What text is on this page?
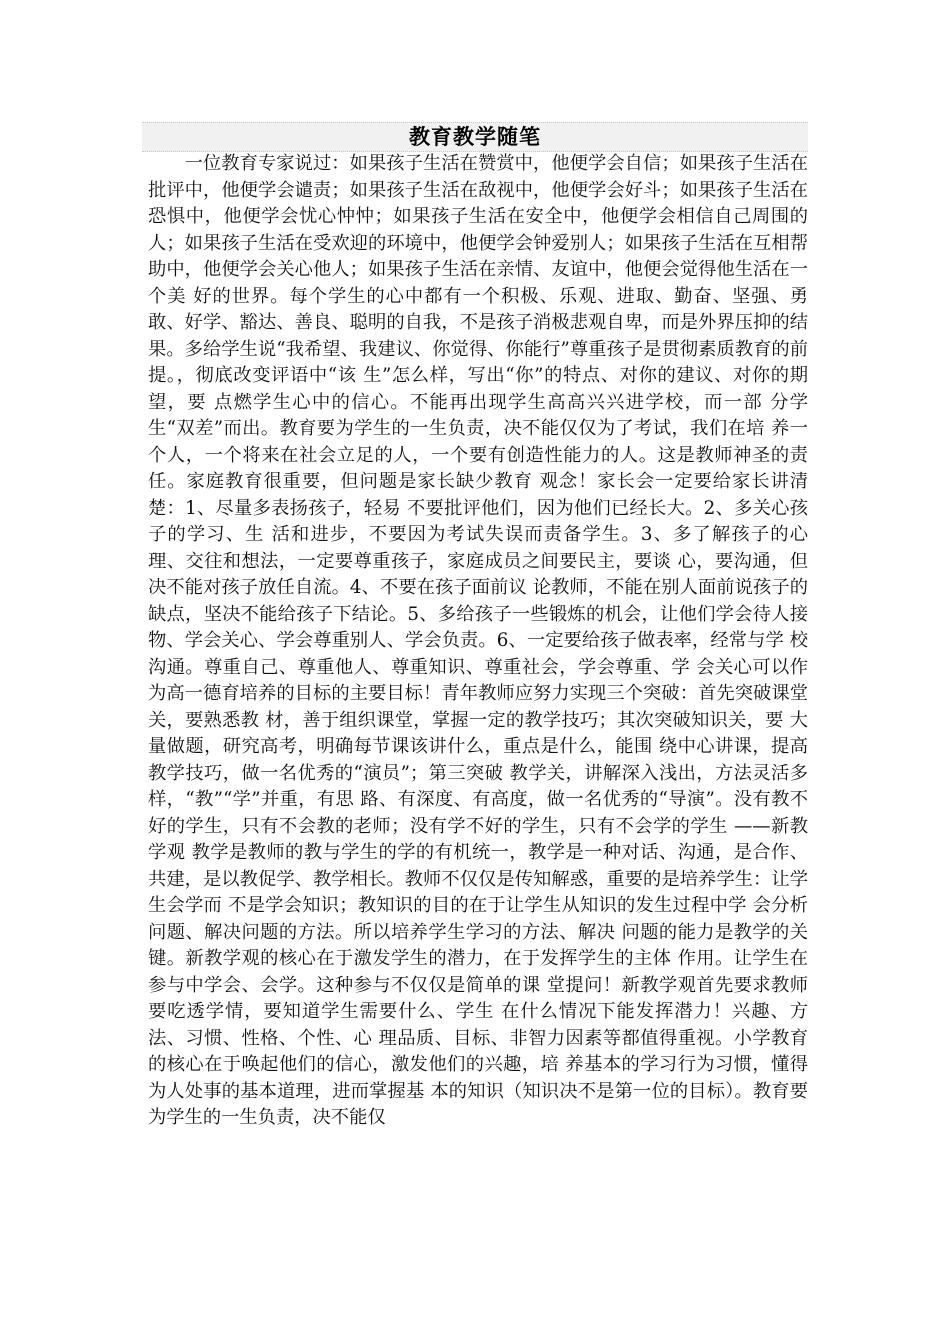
教育教学随笔

一位教育专家说过：如果孩子生活在赞赏中，他便学会自信；如果孩子生活在批评中，他便学会谴责；如果孩子生活在敌视中，他便学会好斗；如果孩子生活在恐惧中，他便学会忧心忡忡；如果孩子生活在安全中，他便学会相信自己周围的人；如果孩子生活在受欢迎的环境中，他便学会钟爱别人；如果孩子生活在互相帮助中，他便学会关心他人；如果孩子生活在亲情、友谊中，他便会觉得他生活在一个美 好的世界。每个学生的心中都有一个积极、乐观、进取、勤奋、坚强、勇敢、好学、豁达、善良、聪明的自我，不是孩子消极悲观自卑，而是外界压抑的结果。多给学生说“我希望、我建议、你觉得、你能行”尊重孩子是贯彻素质教育的前提。，彻底改变评语中“该 生”怎么样，写出“你”的特点、对你的建议、对你的期望，要 点燃学生心中的信心。不能再出现学生高高兴兴进学校，而一部 分学生“双差”而出。教育要为学生的一生负责，决不能仅仅为了考试，我们在培 养一个人，一个将来在社会立足的人，一个要有创造性能力的人。这是教师神圣的责任。家庭教育很重要，但问题是家长缺少教育 观念！家长会一定要给家长讲清楚：1、尽量多表扬孩子，轻易 不要批评他们，因为他们已经长大。2、多关心孩子的学习、生 活和进步，不要因为考试失误而责备学生。3、多了解孩子的心 理、交往和想法，一定要尊重孩子，家庭成员之间要民主，要谈 心，要沟通，但决不能对孩子放任自流。4、不要在孩子面前议 论教师，不能在别人面前说孩子的缺点，坚决不能给孩子下结论。5、多给孩子一些锻炼的机会，让他们学会待人接物、学会关心、学会尊重别人、学会负责。6、一定要给孩子做表率，经常与学 校沟通。尊重自己、尊重他人、尊重知识、尊重社会，学会尊重、学 会关心可以作为高一德育培养的目标的主要目标！青年教师应努力实现三个突破：首先突破课堂关，要熟悉教 材，善于组织课堂，掌握一定的教学技巧；其次突破知识关，要 大量做题，研究高考，明确每节课该讲什么，重点是什么，能围 绕中心讲课，提高教学技巧，做一名优秀的“演员”；第三突破 教学关，讲解深入浅出，方法灵活多样，“教”“学”并重，有思 路、有深度、有高度，做一名优秀的“导演”。没有教不好的学生，只有不会教的老师；没有学不好的学生，只有不会学的学生 ——新教学观 教学是教师的教与学生的学的有机统一，教学是一种对话、沟通，是合作、共建，是以教促学、教学相长。教师不仅仅是传知解惑，重要的是培养学生：让学生会学而 不是学会知识；教知识的目的在于让学生从知识的发生过程中学 会分析问题、解决问题的方法。所以培养学生学习的方法、解决 问题的能力是教学的关键。新教学观的核心在于激发学生的潜力，在于发挥学生的主体 作用。让学生在参与中学会、会学。这种参与不仅仅是简单的课 堂提问！新教学观首先要求教师要吃透学情，要知道学生需要什么、学生 在什么情况下能发挥潜力！兴趣、方法、习惯、性格、个性、心 理品质、目标、非智力因素等都值得重视。小学教育的核心在于唤起他们的信心，激发他们的兴趣，培 养基本的学习行为习惯，懂得为人处事的基本道理，进而掌握基 本的知识（知识决不是第一位的目标）。教育要为学生的一生负责，决不能仅
